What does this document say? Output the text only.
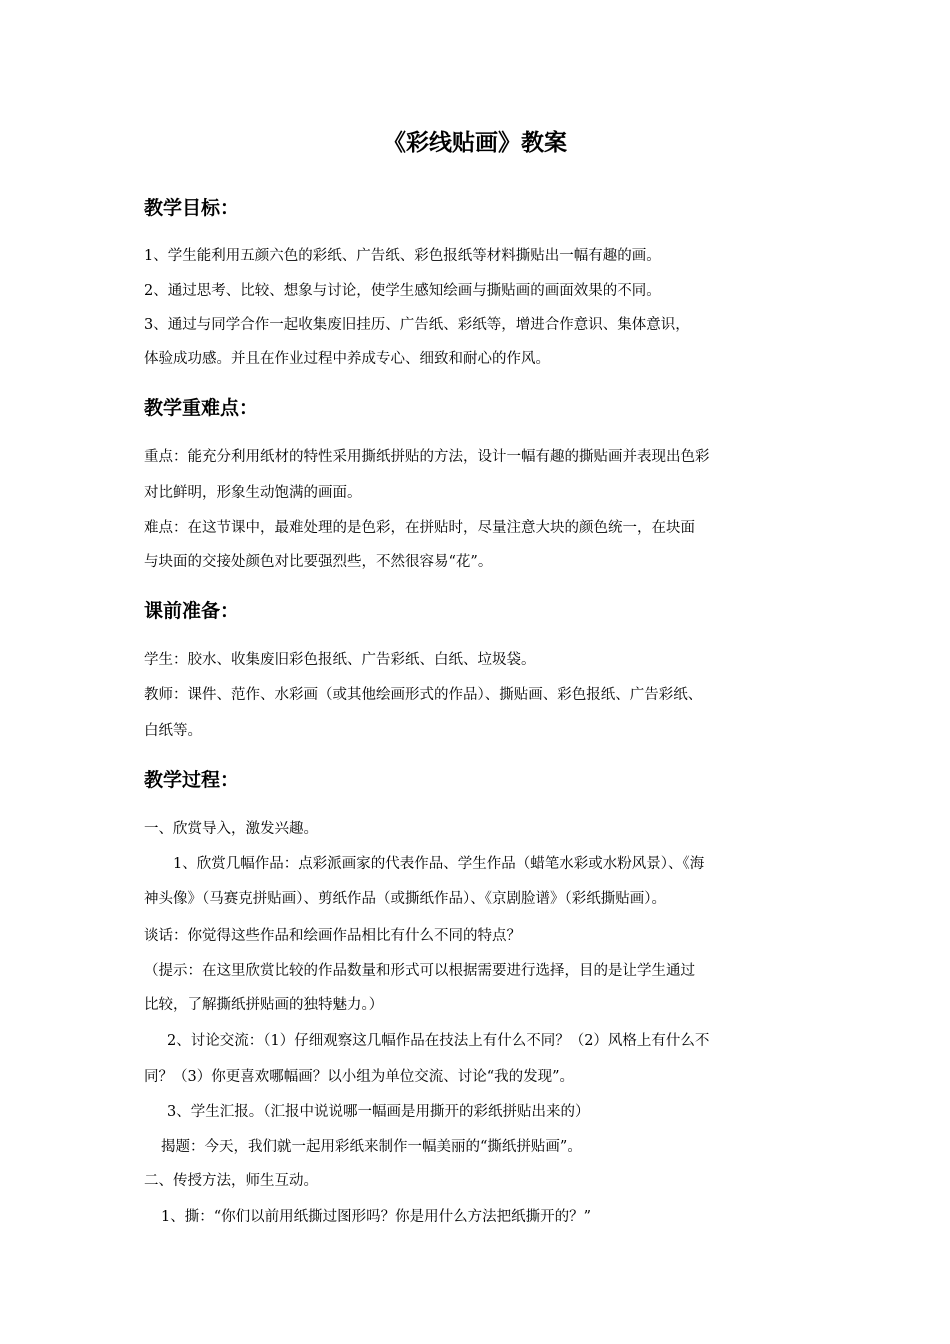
《彩线贴画》教案
教学目标：
1、学生能利用五颜六色的彩纸、广告纸、彩色报纸等材料撕贴出一幅有趣的画。
2、通过思考、比较、想象与讨论，使学生感知绘画与撕贴画的画面效果的不同。
3、通过与同学合作一起收集废旧挂历、广告纸、彩纸等，增进合作意识、集体意识，
体验成功感。并且在作业过程中养成专心、细致和耐心的作风。
教学重难点：
重点：能充分利用纸材的特性采用撕纸拼贴的方法，设计一幅有趣的撕贴画并表现出色彩
对比鲜明，形象生动饱满的画面。
难点：在这节课中，最难处理的是色彩，在拼贴时，尽量注意大块的颜色统一，在块面
与块面的交接处颜色对比要强烈些，不然很容易“花”。
课前准备：
学生：胶水、收集废旧彩色报纸、广告彩纸、白纸、垃圾袋。
教师：课件、范作、水彩画（或其他绘画形式的作品）、撕贴画、彩色报纸、广告彩纸、
白纸等。
教学过程：
一、欣赏导入，激发兴趣。
1、欣赏几幅作品：点彩派画家的代表作品、学生作品（蜡笔水彩或水粉风景）、《海
神头像》（马赛克拼贴画）、剪纸作品（或撕纸作品）、《京剧脸谱》（彩纸撕贴画）。
谈话：你觉得这些作品和绘画作品相比有什么不同的特点？
（提示：在这里欣赏比较的作品数量和形式可以根据需要进行选择，目的是让学生通过
比较，了解撕纸拼贴画的独特魅力。）
2、讨论交流：（1）仔细观察这几幅作品在技法上有什么不同？（2）风格上有什么不
同？（3）你更喜欢哪幅画？以小组为单位交流、讨论“我的发现”。
3、学生汇报。（汇报中说说哪一幅画是用撕开的彩纸拼贴出来的）
揭题：今天，我们就一起用彩纸来制作一幅美丽的“撕纸拼贴画”。
二、传授方法，师生互动。
1、撕：“你们以前用纸撕过图形吗？你是用什么方法把纸撕开的？”
